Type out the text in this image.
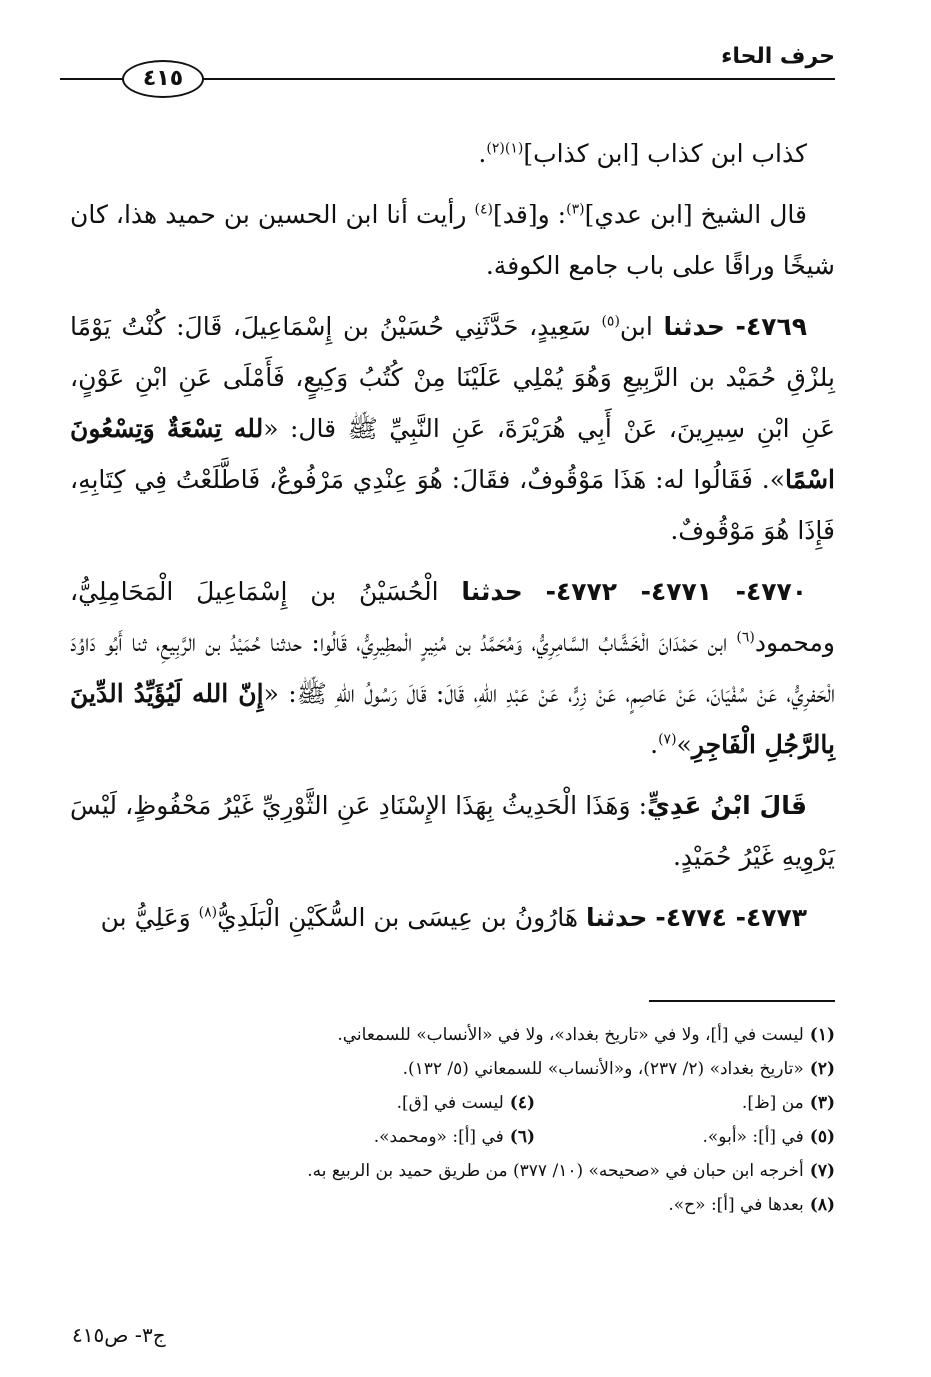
حرف الحاء
٤١٥

كذاب ابن كذاب [ابن كذاب]$^{(١)(٢)}$.

قال الشيخ [ابن عدي]$^{(٣)}$: و[قد]$^{(٤)}$ رأيت أنا ابن الحسين بن حميد هذا، كان شيخًا وراقًا على باب جامع الكوفة.

٤٧٦٩- حدثنا ابن$^{(٥)}$ سَعِيدٍ، حَدَّثَنِي حُسَيْنُ بن إِسْمَاعِيلَ، قَالَ: كُنْتُ يَوْمًا بِلزْقِ حُمَيْد بن الرَّبِيعِ وَهُوَ يُمْلِي عَلَيْنَا مِنْ كُتُبُ وَكِيعٍ، فَأَمْلَى عَنِ ابْنِ عَوْنٍ، عَنِ ابْنِ سِيرِينَ، عَنْ أَبِي هُرَيْرَةَ، عَنِ النَّبِيِّ ﷺ قال: «لله تِسْعَةٌ وَتِسْعُونَ اسْمًا». فَقَالُوا له: هَذَا مَوْقُوفٌ، فقَالَ: هُوَ عِنْدِي مَرْفُوعٌ، فَاطَّلَعْتُ فِي كِتَابِهِ، فَإِذَا هُوَ مَوْقُوفٌ.

٤٧٧٠- ٤٧٧١- ٤٧٧٢- حدثنا الْحُسَيْنُ بن إِسْمَاعِيلَ الْمَحَامِلِيُّ، ومحمود$^{(٦)}$ ابن حَمْدَانَ الْخَشَّابُ السَّامِرِيُّ، وَمُحَمَّدُ بن مُنِيرٍ الْمطِيرِيُّ، قَالُوا: حدثنا حُمَيْدُ بن الرَّبِيعِ، ثنا أَبُو دَاوُدَ الْحَفرِيُّ، عَنْ سُفْيَانَ، عَنْ عَاصِمٍ، عَنْ زِرٍّ، عَنْ عَبْدِ اللهِ، قَالَ: قَالَ رَسُولُ اللهِ ﷺ: «إِنّ الله لَيُؤَيِّدُ الدِّينَ بِالرَّجُلِ الْفَاجِرِ»$^{(٧)}$.

قَالَ ابْنُ عَدِيٍّ: وَهَذَا الْحَدِيثُ بِهَذَا الإِسْنَادِ عَنِ الثَّوْرِيِّ غَيْرُ مَحْفُوظٍ، لَيْسَ يَرْوِيهِ غَيْرُ حُمَيْدٍ.

٤٧٧٣- ٤٧٧٤- حدثنا هَارُونُ بن عِيسَى بن السُّكَيْنِ الْبَلَدِيُّ$^{(٨)}$ وَعَلِيُّ بن

(١)
ليست في [أ]، ولا في «تاريخ بغداد»، ولا في «الأنساب» للسمعاني.
(٢)
«تاريخ بغداد» (٢/ ٢٣٧)، و«الأنساب» للسمعاني (٥/ ١٣٢).
(٣)
من [ظ].
(٤)
ليست في [ق].
(٥)
في [أ]: «أبو».
(٦)
في [أ]: «ومحمد».
(٧)
أخرجه ابن حبان في «صحيحه» (١٠/ ٣٧٧) من طريق حميد بن الربيع به.
(٨)
بعدها في [أ]: «ح».
ج٣- ص٤١٥
